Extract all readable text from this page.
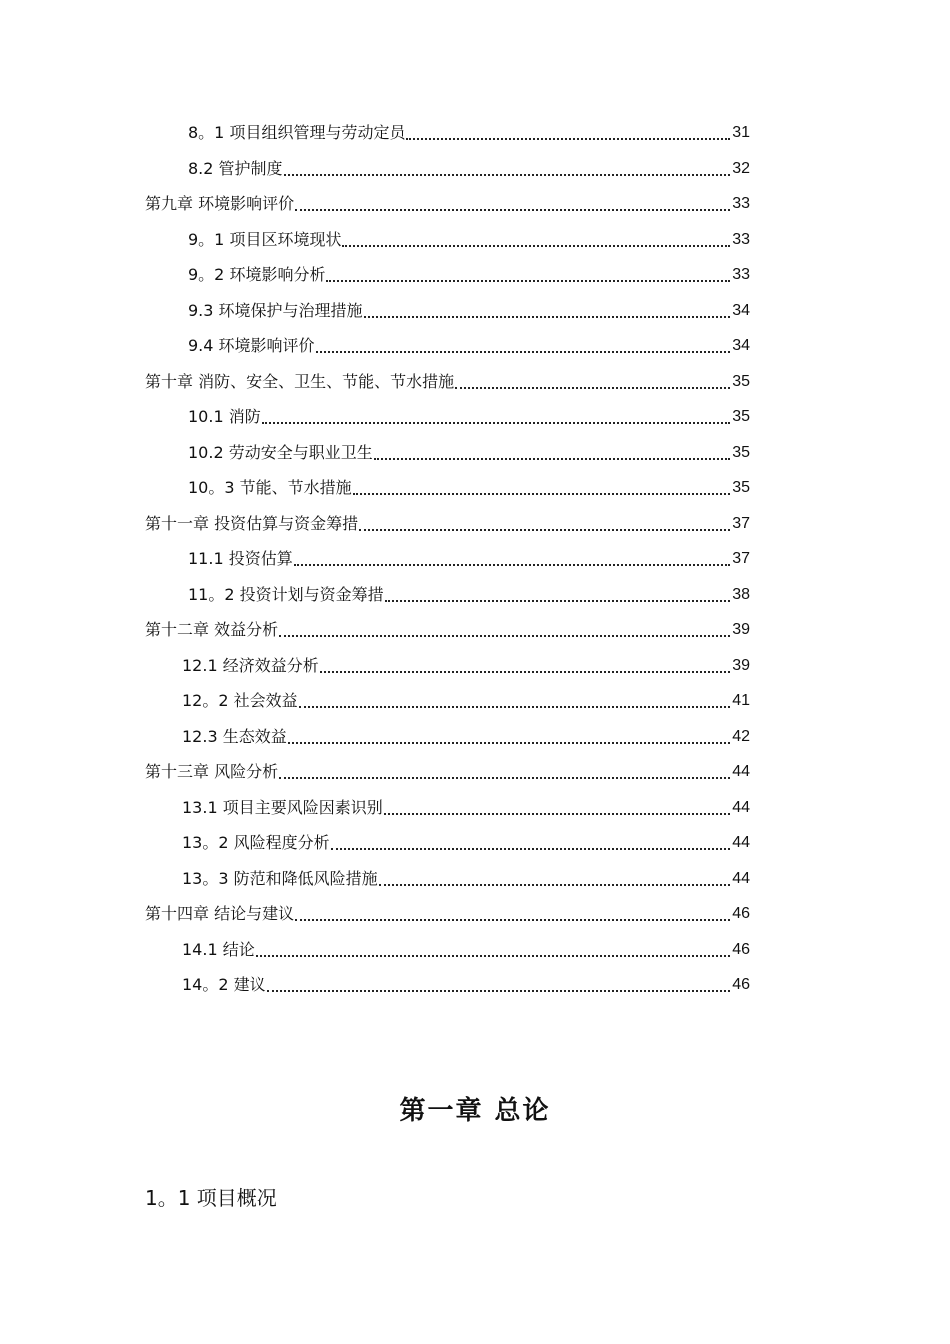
8。1 项目组织管理与劳动定员	31
8.2 管护制度	32
第九章 环境影响评价	33
9。1 项目区环境现状	33
9。2 环境影响分析	33
9.3 环境保护与治理措施	34
9.4 环境影响评价	34
第十章 消防、安全、卫生、节能、节水措施	35
10.1 消防	35
10.2 劳动安全与职业卫生	35
10。3 节能、节水措施	35
第十一章 投资估算与资金筹措	37
11.1 投资估算	37
11。2 投资计划与资金筹措	38
第十二章 效益分析	39
12.1 经济效益分析	39
12。2 社会效益	41
12.3 生态效益	42
第十三章 风险分析	44
13.1 项目主要风险因素识别	44
13。2 风险程度分析	44
13。3 防范和降低风险措施	44
第十四章 结论与建议	46
14.1 结论	46
14。2 建议	46
第一章 总论
1。1 项目概况
